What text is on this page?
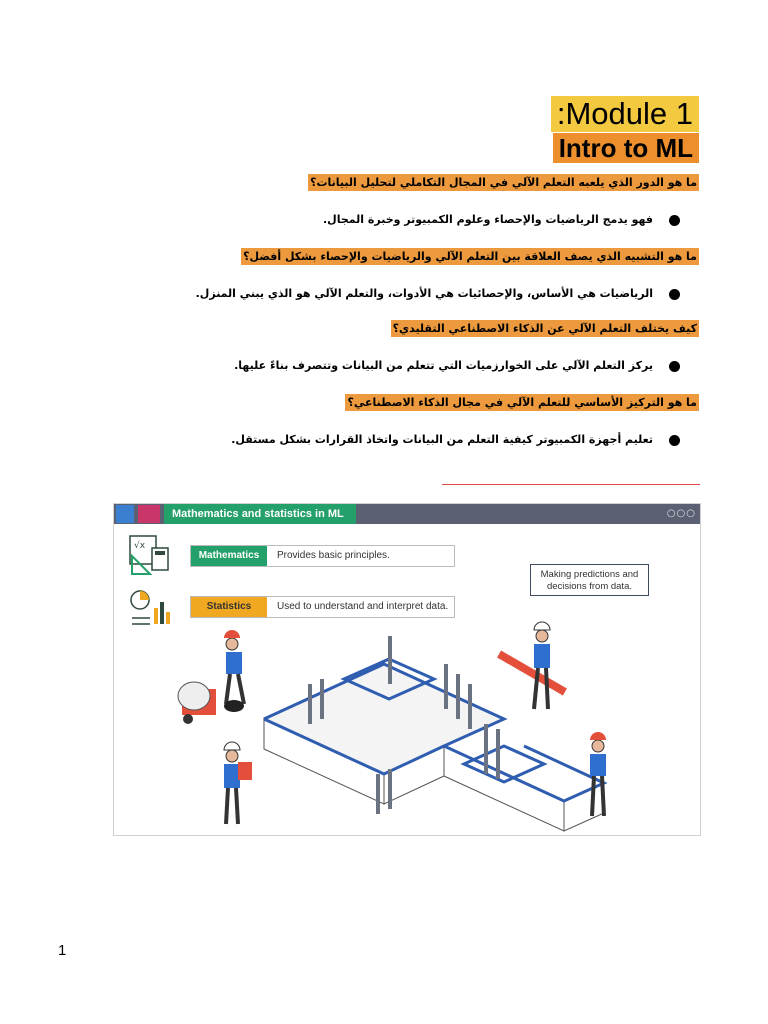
:Module 1
Intro to ML
ما هو الدور الذي يلعبه التعلم الآلي في المجال التكاملي لتحليل البيانات؟
فهو يدمج الرياضيات والإحصاء وعلوم الكمبيوتر وخبرة المجال.
ما هو التشبيه الذي يصف العلاقة بين التعلم الآلي والرياضيات والإحصاء بشكل أفضل؟
الرياضيات هي الأساس، والإحصائيات هي الأدوات، والتعلم الآلي هو الذي يبني المنزل.
كيف يختلف التعلم الآلي عن الذكاء الاصطناعي التقليدي؟
يركز التعلم الآلي على الخوارزميات التي تتعلم من البيانات وتتصرف بناءً عليها.
ما هو التركيز الأساسي للتعلم الآلي في مجال الذكاء الاصطناعي؟
تعليم أجهزة الكمبيوتر كيفية التعلم من البيانات واتخاذ القرارات بشكل مستقل.
Mathematics and statistics in ML	○○○
√x
Mathematics	Provides basic principles.
Statistics	Used to understand and interpret data.
Making predictions and decisions from data.
1
